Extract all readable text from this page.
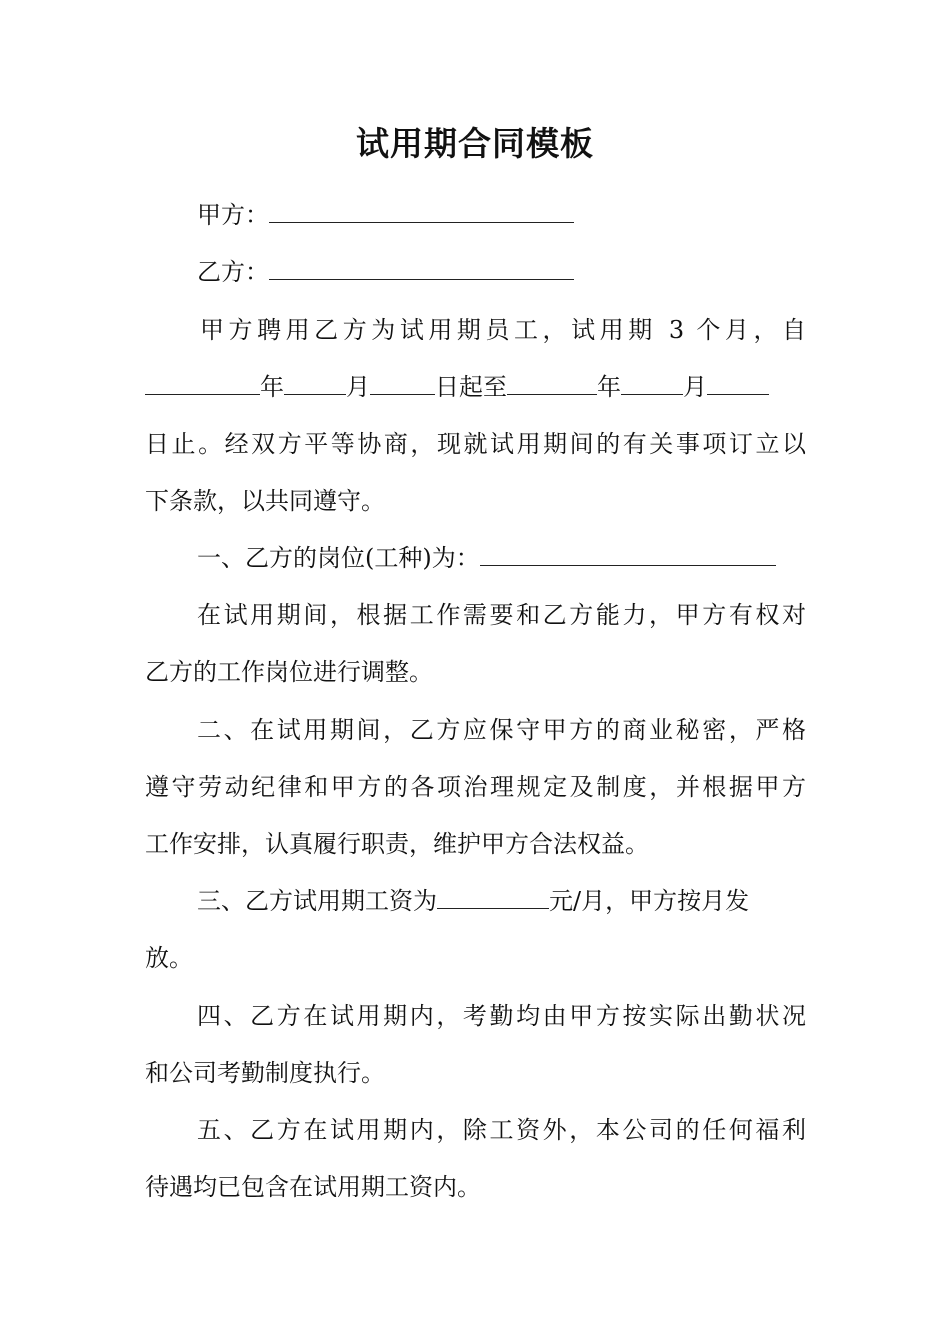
试用期合同模板
甲方：
乙方：
甲方聘用乙方为试用期员工，试用期 3 个月，自
年	月	日起至	年	月
日止。经双方平等协商，现就试用期间的有关事项订立以
下条款，以共同遵守。
一、乙方的岗位(工种)为：
在试用期间，根据工作需要和乙方能力，甲方有权对
乙方的工作岗位进行调整。
二、在试用期间，乙方应保守甲方的商业秘密，严格
遵守劳动纪律和甲方的各项治理规定及制度，并根据甲方
工作安排，认真履行职责，维护甲方合法权益。
三、乙方试用期工资为	元/月，甲方按月发
放。
四、乙方在试用期内，考勤均由甲方按实际出勤状况
和公司考勤制度执行。
五、乙方在试用期内，除工资外，本公司的任何福利
待遇均已包含在试用期工资内。
